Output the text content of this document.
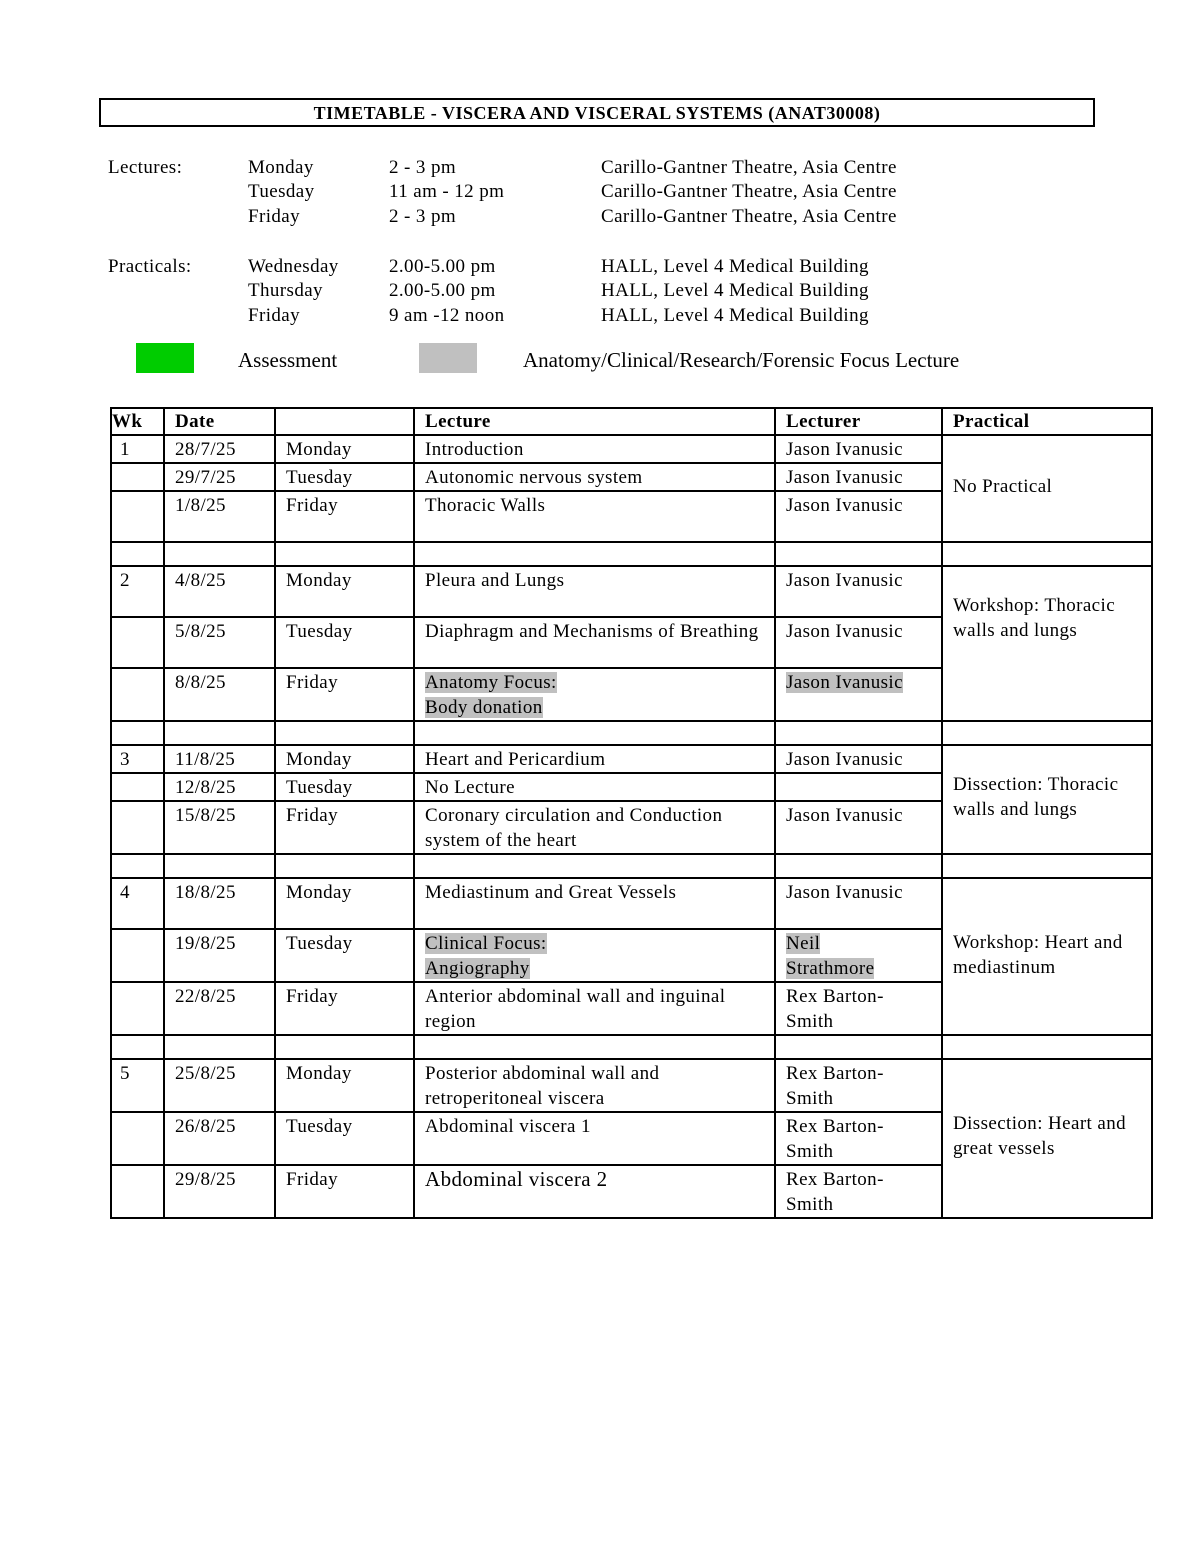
TIMETABLE - VISCERA AND VISCERAL SYSTEMS (ANAT30008)
Lectures:	Monday	2 - 3 pm	Carillo-Gantner Theatre, Asia Centre
Tuesday	11 am - 12 pm	Carillo-Gantner Theatre, Asia Centre
Friday	2 - 3 pm	Carillo-Gantner Theatre, Asia Centre
Practicals:	Wednesday	2.00-5.00 pm	HALL, Level 4 Medical Building
Thursday	2.00-5.00 pm	HALL, Level 4 Medical Building
Friday	9 am -12 noon	HALL, Level 4 Medical Building
Assessment	Anatomy/Clinical/Research/Forensic Focus Lecture
Wk	Date		Lecture	Lecturer	Practical
1	28/7/25	Monday	Introduction	Jason Ivanusic	No Practical
	29/7/25	Tuesday	Autonomic nervous system	Jason Ivanusic	
	1/8/25	Friday	Thoracic Walls	Jason Ivanusic	

2	4/8/25	Monday	Pleura and Lungs	Jason Ivanusic	Workshop: Thoracic walls and lungs
	5/8/25	Tuesday	Diaphragm and Mechanisms of Breathing	Jason Ivanusic	
	8/8/25	Friday	Anatomy Focus:
Body donation	Jason Ivanusic	

3	11/8/25	Monday	Heart and Pericardium	Jason Ivanusic	Dissection: Thoracic walls and lungs
	12/8/25	Tuesday	No Lecture		
	15/8/25	Friday	Coronary circulation and Conduction system of the heart	Jason Ivanusic	

4	18/8/25	Monday	Mediastinum and Great Vessels	Jason Ivanusic	Workshop: Heart and mediastinum
	19/8/25	Tuesday	Clinical Focus:
Angiography	Neil
Strathmore	
	22/8/25	Friday	Anterior abdominal wall and inguinal region	Rex Barton-Smith	

5	25/8/25	Monday	Posterior abdominal wall and retroperitoneal viscera	Rex Barton-Smith	Dissection: Heart and great vessels
	26/8/25	Tuesday	Abdominal viscera 1	Rex Barton-Smith	
	29/8/25	Friday	Abdominal viscera 2	Rex Barton-Smith	
